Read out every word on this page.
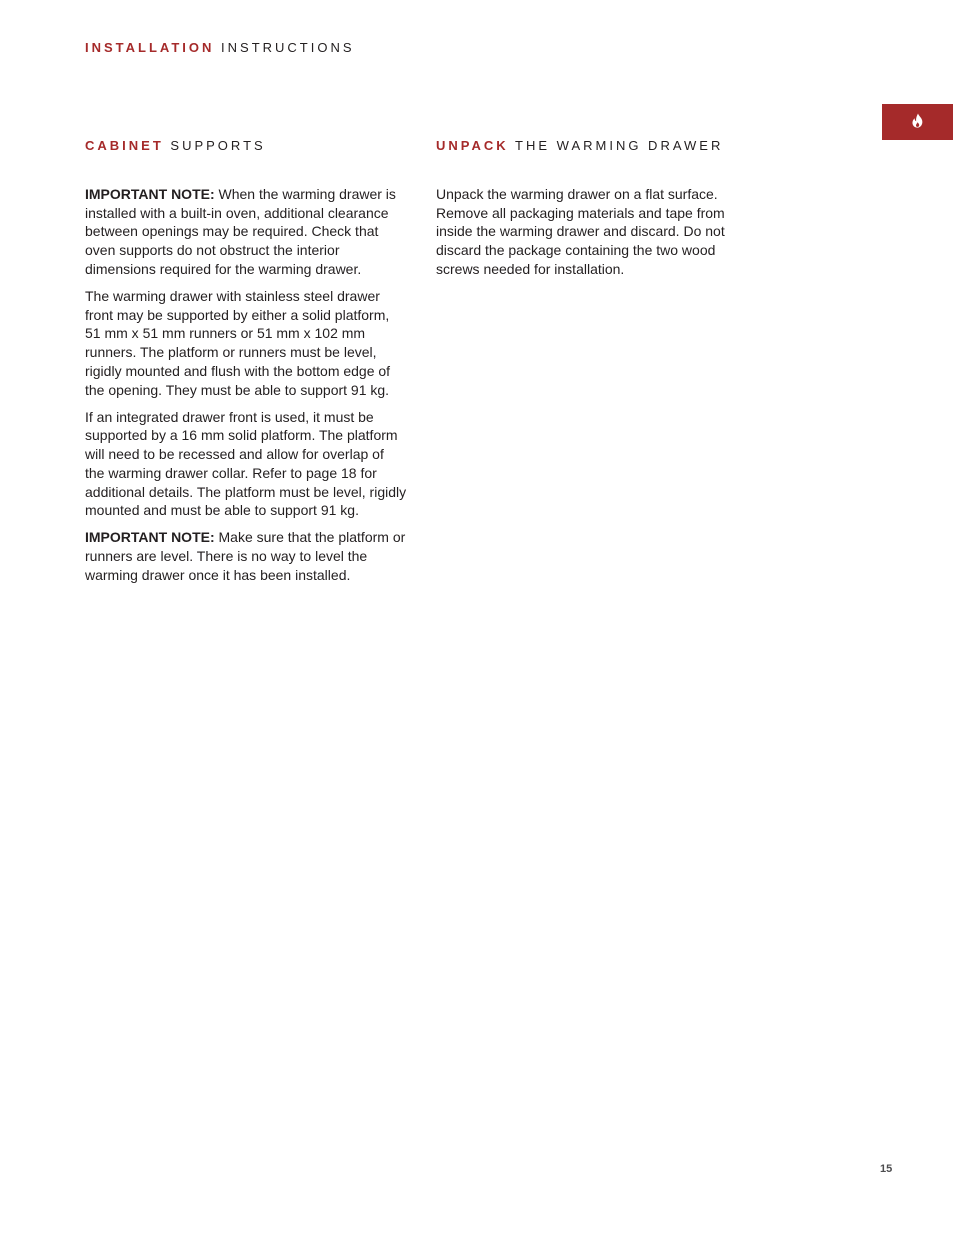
INSTALLATION INSTRUCTIONS
CABINET SUPPORTS	UNPACK THE WARMING DRAWER

IMPORTANT NOTE: When the warming drawer is installed with a built-in oven, additional clearance between openings may be required. Check that oven supports do not obstruct the interior dimensions required for the warming drawer.

The warming drawer with stainless steel drawer front may be supported by either a solid platform, 51 mm x 51 mm runners or 51 mm x 102 mm runners. The platform or runners must be level, rigidly mounted and flush with the bottom edge of the opening. They must be able to support 91 kg.

If an integrated drawer front is used, it must be supported by a 16 mm solid platform. The platform will need to be recessed and allow for overlap of the warming drawer collar. Refer to page 18 for additional details. The platform must be level, rigidly mounted and must be able to support 91 kg.

IMPORTANT NOTE: Make sure that the platform or runners are level. There is no way to level the warming drawer once it has been installed.

Unpack the warming drawer on a flat surface. Remove all packaging materials and tape from inside the warming drawer and discard. Do not discard the package containing the two wood screws needed for installation.

15
